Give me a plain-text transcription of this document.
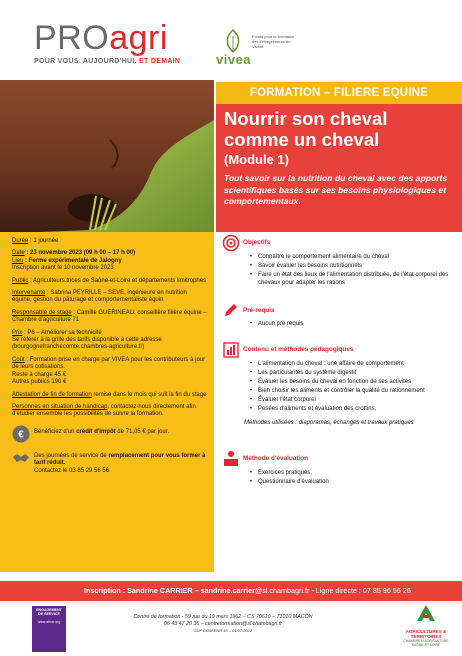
PROagri
POUR VOUS. AUJOURD'HUI. ET DEMAIN	vivea
Fonds pour la formation des Entrepreneurs du Vivant
FORMATION – FILIERE EQUINE
Nourrir son cheval
comme un cheval
(Module 1)
Tout savoir sur la nutrition du cheval avec des apports scientifiques basés sur ses besoins physiologiques et comportementaux.

Durée : 1 journée

Date : 23 novembre 2023 (09 h 00 – 17 h 00)
Lieu : Ferme expérimentale de Jalogny
Inscription avant le 10 novembre 2023

Public : Agriculteurs.trices de Saône-et-Loire et départements limitrophes

Intervenante : Sabrina PEYRILLE – SEVE, ingénieure en nutrition équine, gestion du pâturage et comportementaliste équin

Responsable de stage : Camille GUERINEAU, conseillère filière équine – Chambre d'agriculture 71

Prix : P6 – Améliorer sa technicité
Se référer à la grille des tarifs disponible à cette adresse
(bourgognefranchecomte.chambres-agriculture.fr)

Coût : Formation prise en charge par VIVEA pour les contributeurs à jour de leurs cotisations.
Reste à charge 45 €
Autres publics 190 €

Attestation de fin de formation remise dans le mois qui suit la fin du stage

Personnes en situation de handicap, contactez-nous directement afin d'étudier ensemble les possibilités de suivre la formation.

€ Bénéficiez d'un crédit d'impôt de 71,05 € par jour.
Des journées de service de remplacement pour vous former à tarif réduit.
Contactez le 03 85 29 56 56
Objectifs
• Connaître le comportement alimentaire du cheval
• Savoir évaluer les besoins nutritionnels
• Faire un état des lieux de l'alimentation distribuée, de l'état corporel des chevaux pour adapter les rations
Pré-requis
• Aucun pré requis
Contenu et méthodes pédagogiques
• L'alimentation du cheval : une affaire de comportement
• Les particularités du système digestif
• Évaluer les besoins du cheval en fonction de ses activités
• Bien choisir les aliments et contrôler la qualité du rationnement
• Évaluer l'état corporel
• Pesées d'aliments et évaluation des crottins.
Méthodes utilisées : diaporamas, échanges et travaux pratiques
Méthode d'évaluation
• Exercices pratiques,
• Questionnaire d'évaluation
Inscription : Sandrine CARRIER – sandrine.carrier@sl.chambagri.fr - Ligne directe : 07 85 96 56 26
ENGAGEMENT DE SERVICE
www.afnor.org
Centre de formation - 59 rue du 19 mars 1962 – CS 70610 – 71010 MACON
06 43 47 20 36 – centreformation@sl.chambagri.fr
SUP COM ENR 16 – 01/07/2022	AGRICULTURES & TERRITOIRES
CHAMBRE D'AGRICULTURE SAÔNE-ET-LOIRE
